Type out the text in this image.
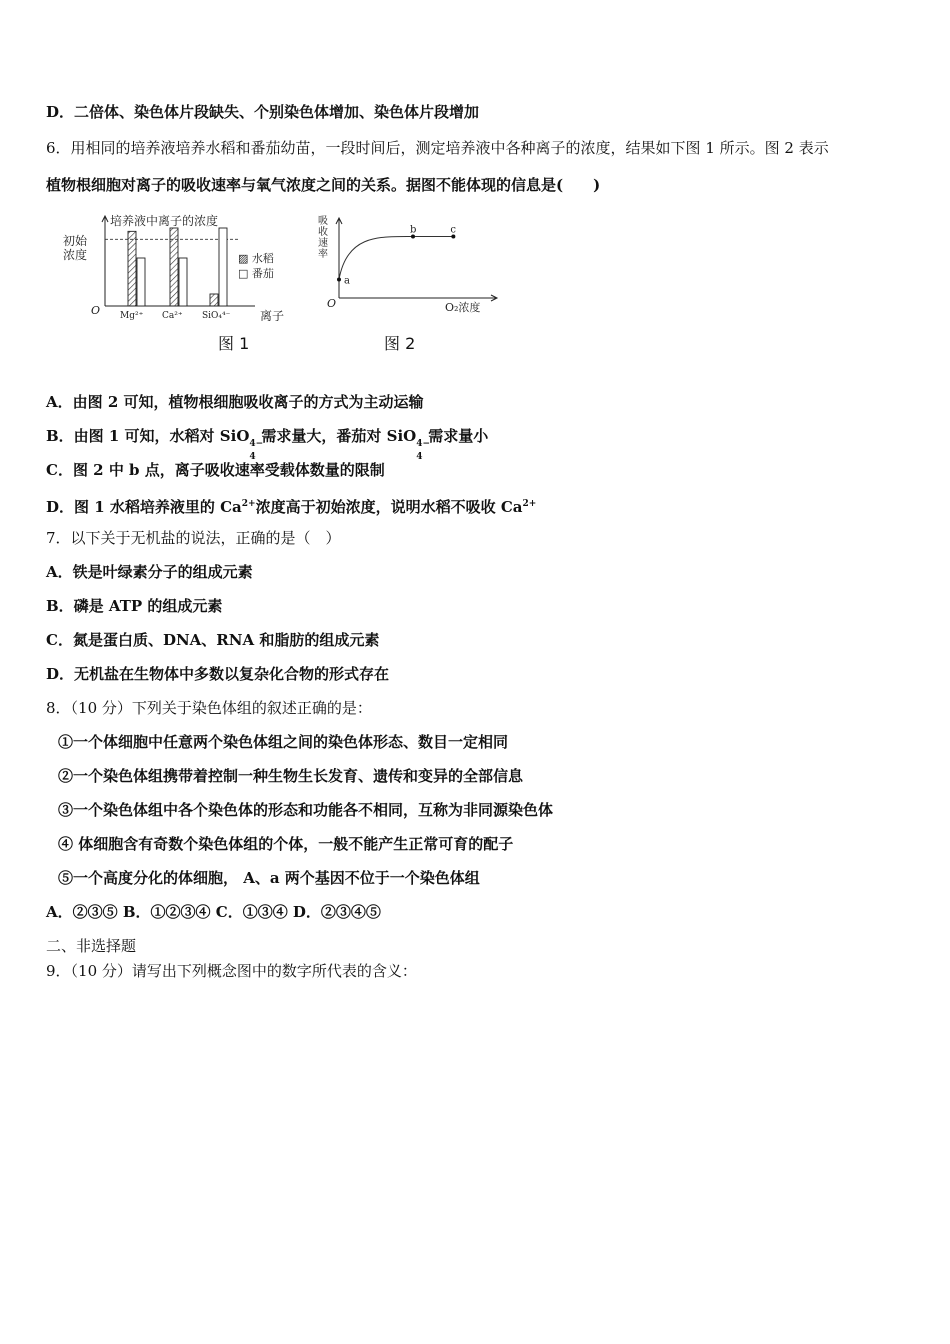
D．二倍体、染色体片段缺失、个别染色体增加、染色体片段增加
6．用相同的培养液培养水稻和番茄幼苗，一段时间后，测定培养液中各种离子的浓度，结果如下图 1 所示。图 2 表示
植物根细胞对离子的吸收速率与氧气浓度之间的关系。据图不能体现的信息是(　　)
培养液中离子的浓度
初始
浓度
Mg²⁺ Ca²⁺ SiO₄⁴⁻
O	离子
▨ 水稻
□ 番茄
图 1
吸
收
速
率
a
b	c
O	O₂浓度
图 2
A．由图 2 可知，植物根细胞吸收离子的方式为主动运输
B．由图 1 可知，水稻对 SiO 4−
4
需求量大，番茄对 SiO 4−
4
需求量小
C．图 2 中 b 点，离子吸收速率受载体数量的限制
D．图 1 水稻培养液里的 $Ca^{2+}$浓度高于初始浓度，说明水稻不吸收 $Ca^{2+}$
7．以下关于无机盐的说法，正确的是（　）
A．铁是叶绿素分子的组成元素
B．磷是 ATP 的组成元素
C．氮是蛋白质、DNA、RNA 和脂肪的组成元素
D．无机盐在生物体中多数以复杂化合物的形式存在
8．（10 分）下列关于染色体组的叙述正确的是：
①一个体细胞中任意两个染色体组之间的染色体形态、数目一定相同
②一个染色体组携带着控制一种生物生长发育、遗传和变异的全部信息
③一个染色体组中各个染色体的形态和功能各不相同，互称为非同源染色体
④ 体细胞含有奇数个染色体组的个体，一般不能产生正常可育的配子
⑤一个高度分化的体细胞， A、a 两个基因不位于一个染色体组
A．②③⑤ B．①②③④ C．①③④ D．②③④⑤
二、非选择题
9．（10 分）请写出下列概念图中的数字所代表的含义：
